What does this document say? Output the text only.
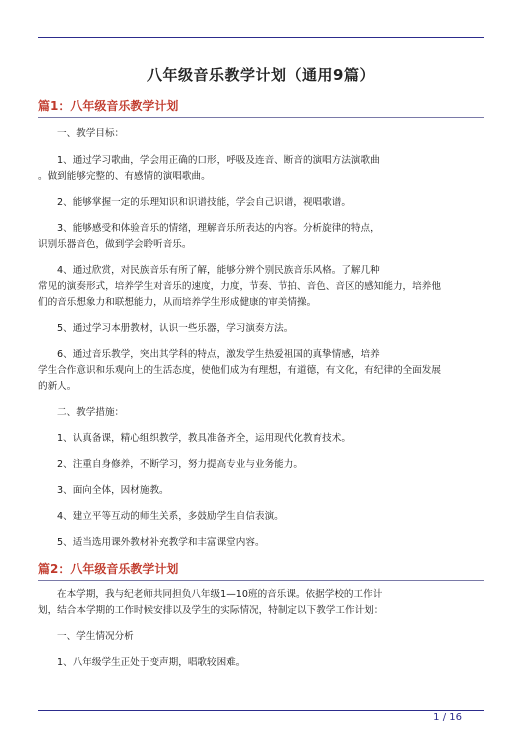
八年级音乐教学计划（通用9篇）
篇1：八年级音乐教学计划
一、教学目标：
1、通过学习歌曲，学会用正确的口形，呼吸及连音、断音的演唱方法演歌曲
。做到能够完整的、有感情的演唱歌曲。
2、能够掌握一定的乐理知识和识谱技能，学会自己识谱，视唱歌谱。
3、能够感受和体验音乐的情绪，理解音乐所表达的内容。分析旋律的特点，
识别乐器音色，做到学会聆听音乐。
4、通过欣赏，对民族音乐有所了解，能够分辨个别民族音乐风格。了解几种
常见的演奏形式，培养学生对音乐的速度，力度，节奏、节拍、音色、音区的感知能力，培养他
们的音乐想象力和联想能力，从而培养学生形成健康的审美情操。
5、通过学习本册教材，认识一些乐器，学习演奏方法。
6、通过音乐教学，突出其学科的特点，激发学生热爱祖国的真挚情感，培养
学生合作意识和乐观向上的生活态度，使他们成为有理想，有道德，有文化，有纪律的全面发展
的新人。
二、教学措施：
1、认真备课，精心组织教学，教具准备齐全，运用现代化教育技术。
2、注重自身修养，不断学习，努力提高专业与业务能力。
3、面向全体，因材施教。
4、建立平等互动的师生关系，多鼓励学生自信表演。
5、适当选用课外教材补充教学和丰富课堂内容。
篇2：八年级音乐教学计划
在本学期，我与纪老师共同担负八年级1—10班的音乐课。依据学校的工作计
划，结合本学期的工作时候安排以及学生的实际情况，特制定以下教学工作计划：
一、学生情况分析
1、八年级学生正处于变声期，唱歌较困难。
1 / 16
